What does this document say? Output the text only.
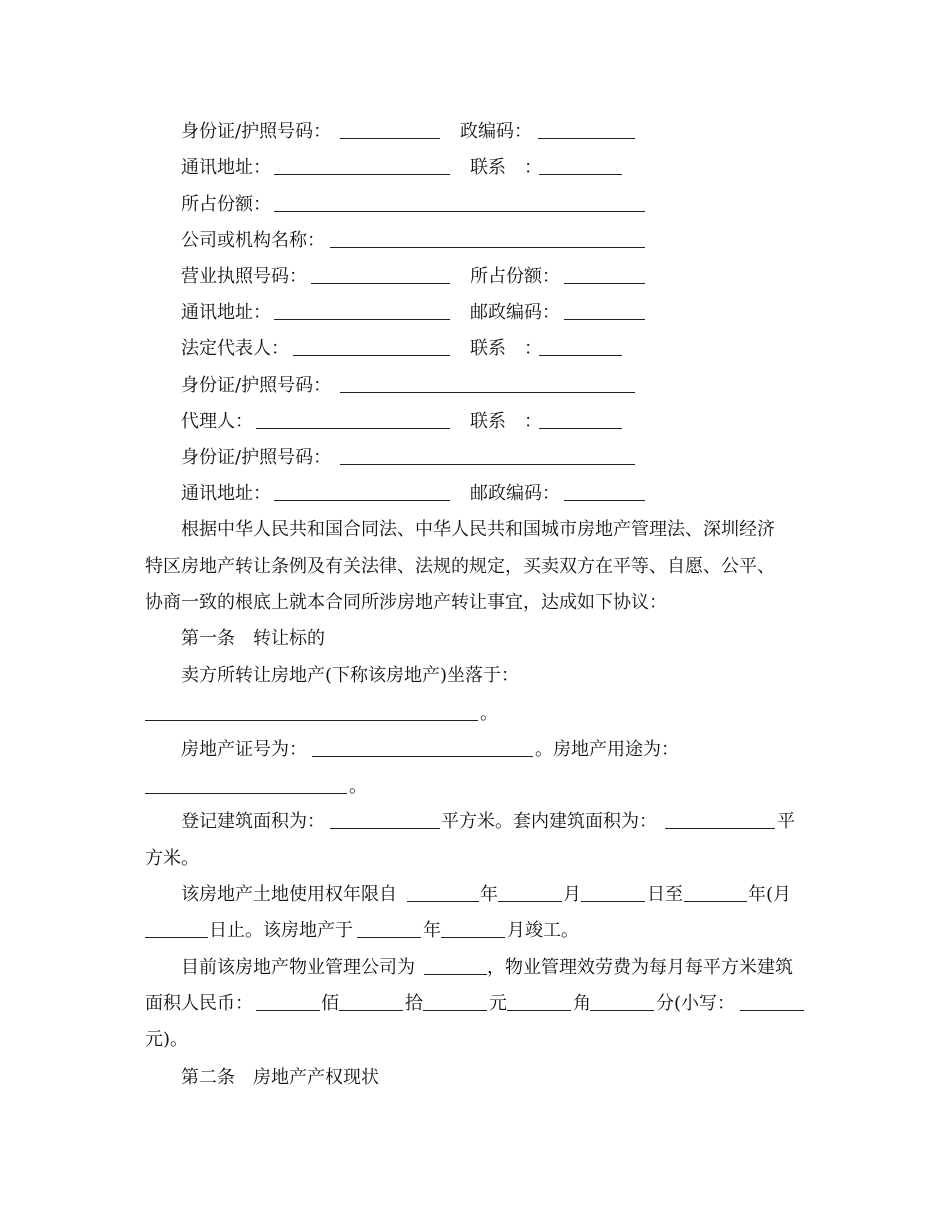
身份证/护照号码：	政编码：
通讯地址：	联系　：
所占份额：
公司或机构名称：
营业执照号码：	所占份额：
通讯地址：	邮政编码：
法定代表人：	联系　：
身份证/护照号码：
代理人：	联系　：
身份证/护照号码：
通讯地址：	邮政编码：
根据中华人民共和国合同法、中华人民共和国城市房地产管理法、深圳经济
特区房地产转让条例及有关法律、法规的规定，买卖双方在平等、自愿、公平、
协商一致的根底上就本合同所涉房地产转让事宜，达成如下协议：
第一条　转让标的
卖方所转让房地产(下称该房地产)坐落于：
。
房地产证号为：	。房地产用途为：
。
登记建筑面积为：	平方米。套内建筑面积为：	平
方米。
该房地产土地使用权年限自	年	月	日至	年(月
日止。该房地产于	年	月竣工。
目前该房地产物业管理公司为	，物业管理效劳费为每月每平方米建筑
面积人民币：	佰	拾	元	角	分(小写：
元)。
第二条　房地产产权现状
